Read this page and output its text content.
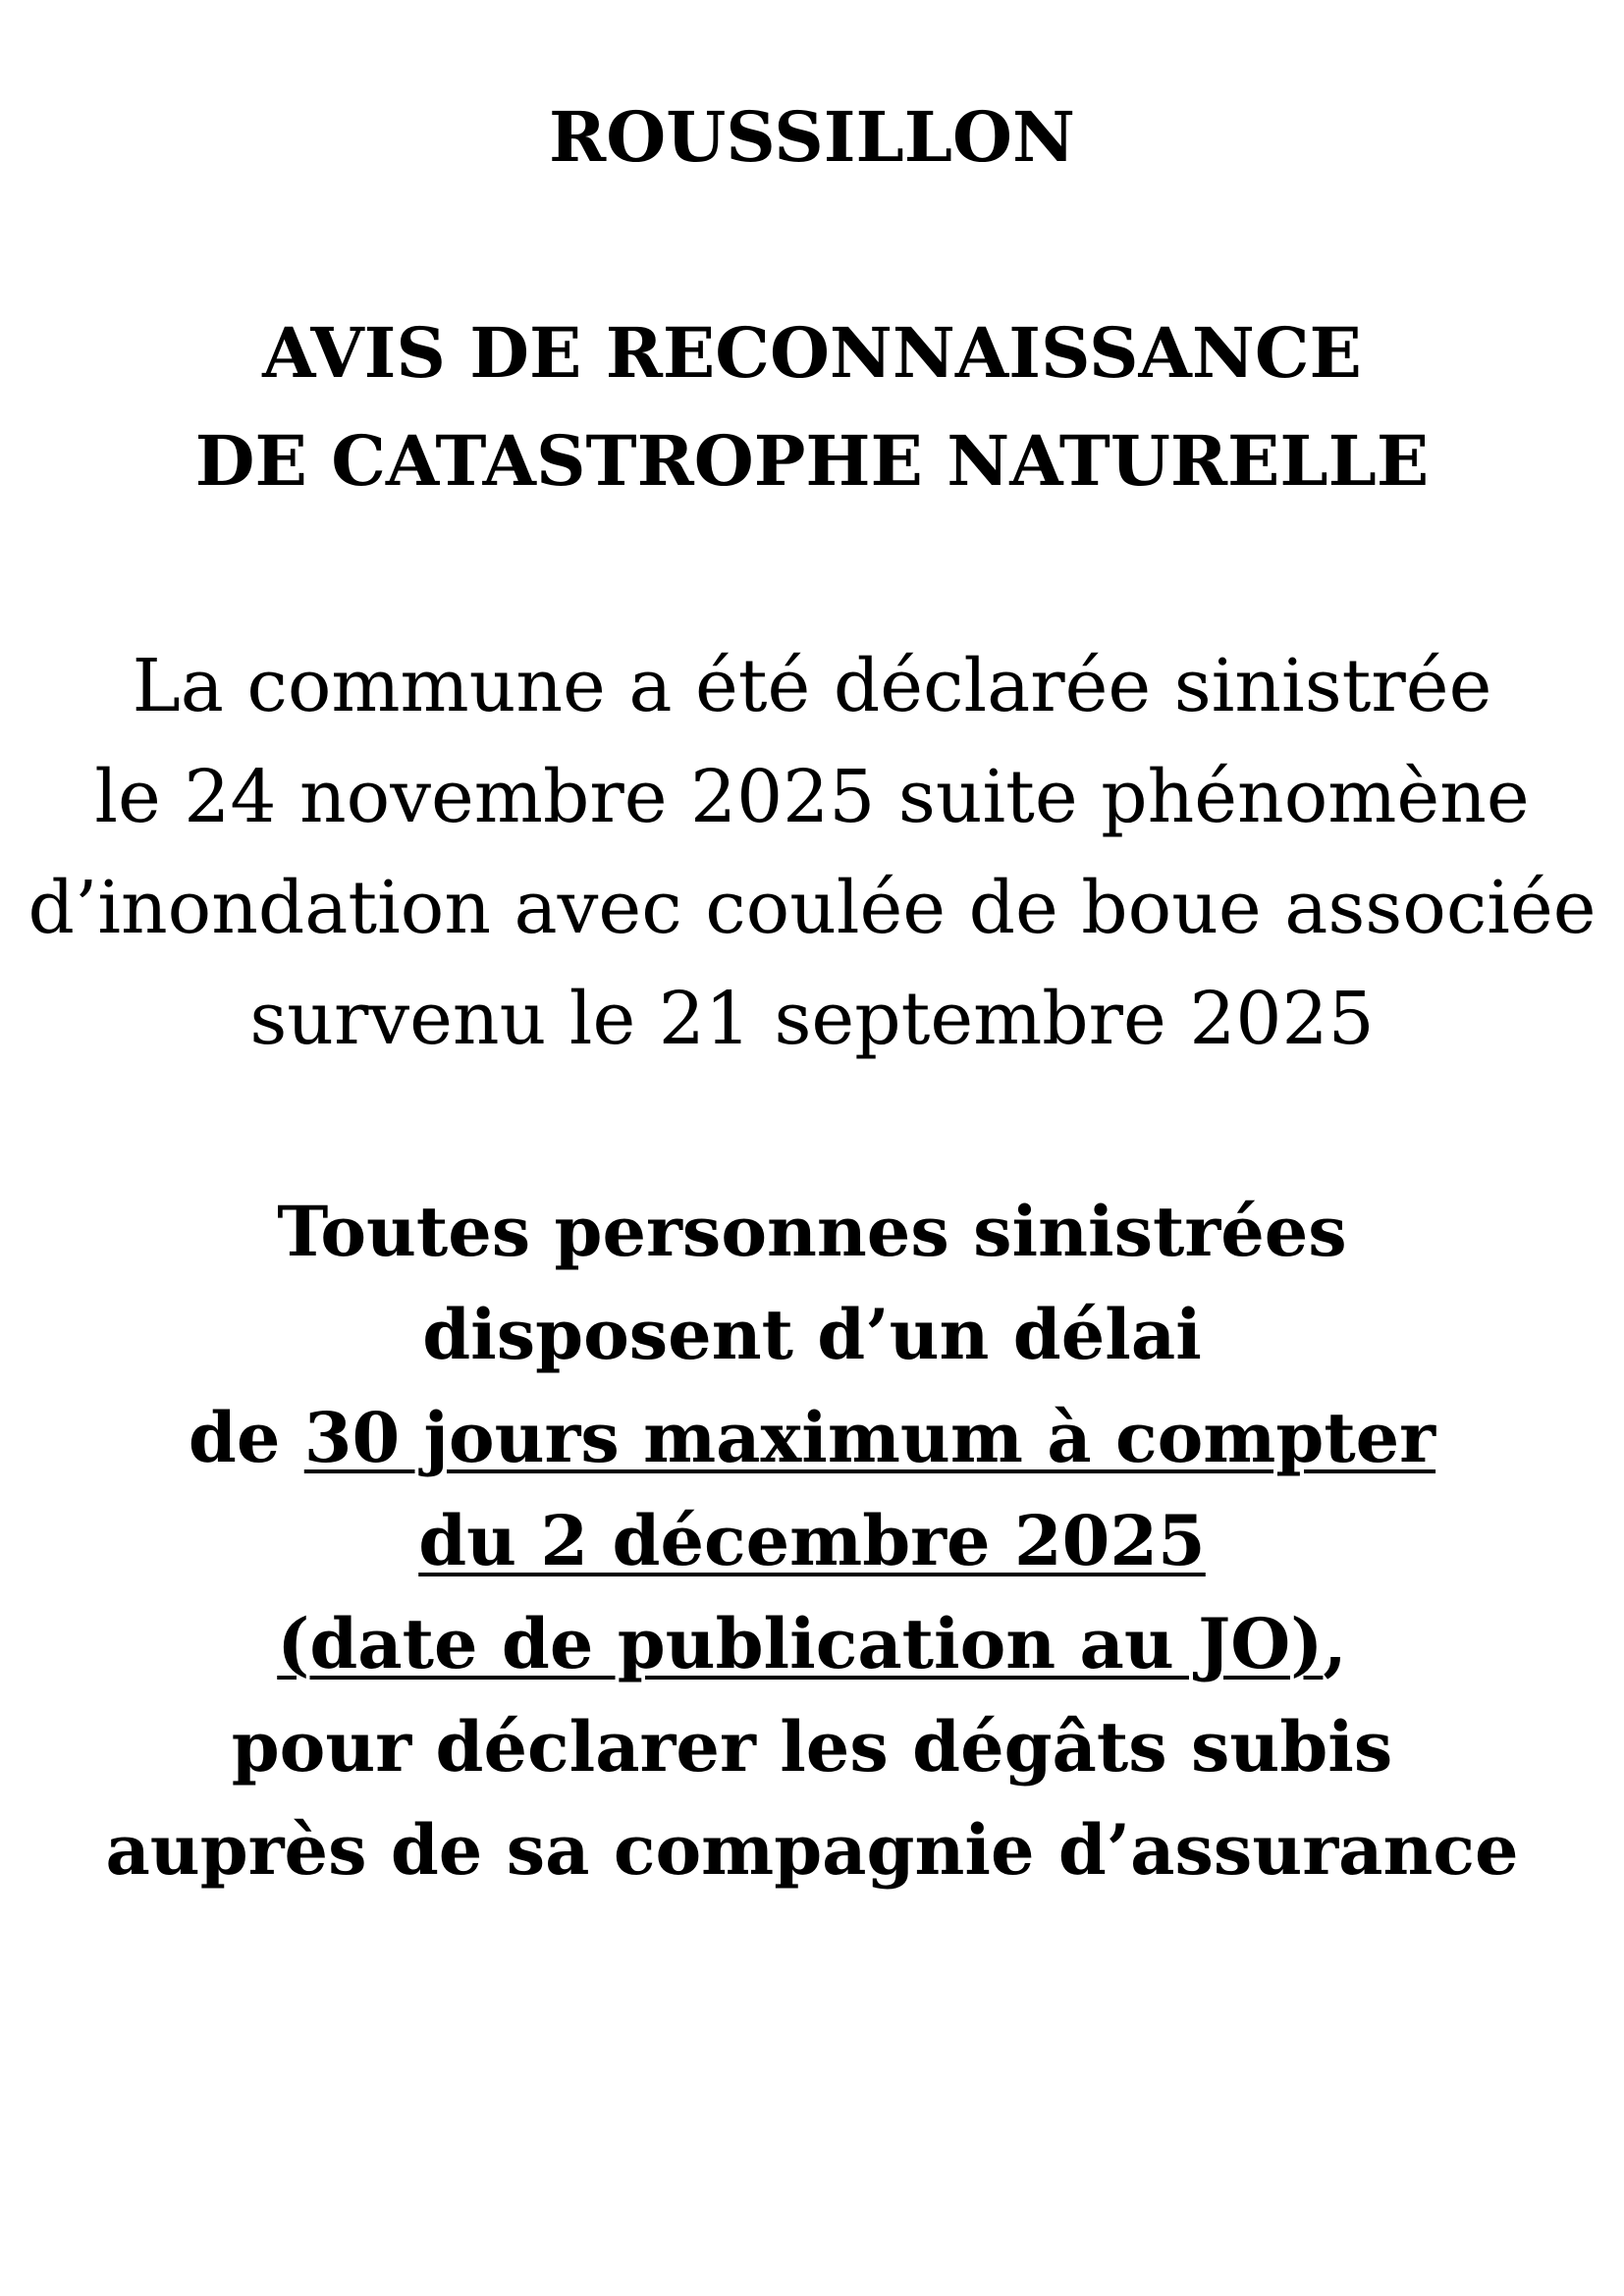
ROUSSILLON
AVIS DE RECONNAISSANCE
DE CATASTROPHE NATURELLE
La commune a été déclarée sinistrée
le 24 novembre 2025 suite phénomène
d’inondation avec coulée de boue associée
survenu le 21 septembre 2025
Toutes personnes sinistrées
disposent d’un délai
de 30 jours maximum à compter
du 2 décembre 2025
(date de publication au JO),
pour déclarer les dégâts subis
auprès de sa compagnie d’assurance
